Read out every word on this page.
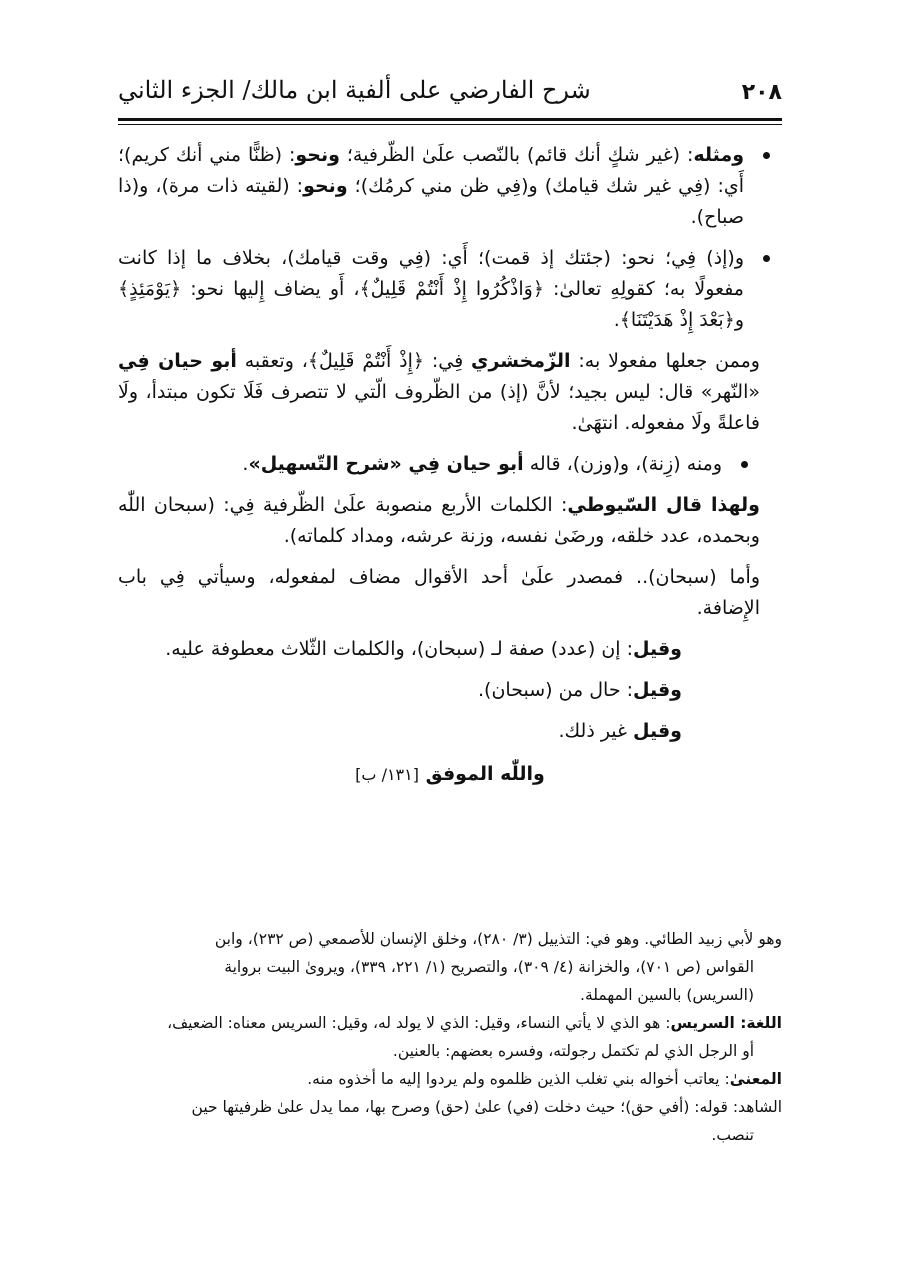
٢٠٨
شرح الفارضي على ألفية ابن مالك/ الجزء الثاني
ومثله: (غير شكٍ أنك قائم) بالنّصب علَىٰ الظّرفية؛ ونحو: (ظنًّا مني أنك كريم)؛ أَي: (فِي غير شك قيامك) و(فِي ظن مني كرمُك)؛ ونحو: (لقيته ذات مرة)، و(ذا صباح).
و(إذ) فِي؛ نحو: (جئتك إذ قمت)؛ أَي: (فِي وقت قيامك)، بخلاف ما إذا كانت مفعولًا به؛ كقولِهِ تعالىٰ: ﴿وَاذْكُرُوا إِذْ أَنْتُمْ قَلِيلٌ﴾، أَو يضاف إِليها نحو: ﴿يَوْمَئِذٍ﴾ و﴿بَعْدَ إِذْ هَدَيْتَنَا﴾.

وممن جعلها مفعولا به: الزّمخشري فِي: ﴿إِذْ أَنْتُمْ قَلِيلٌ﴾، وتعقبه أبو حيان فِي «النّهر» قال: ليس بجيد؛ لأنَّ (إذ) من الظّروف الّتي لا تتصرف فَلَا تكون مبتدأ، ولَا فاعلةً ولَا مفعوله. انتهَىٰ.

ومنه (زِنة)، و(وزن)، قاله أبو حيان فِي «شرح التّسهيل».

ولهذا قال السّيوطي: الكلمات الأربع منصوبة علَىٰ الظّرفية فِي: (سبحان اللّٰه وبحمده، عدد خلقه، ورضَىٰ نفسه، وزنة عرشه، ومداد كلماته).

وأما (سبحان).. فمصدر علَىٰ أحد الأقوال مضاف لمفعوله، وسيأتي فِي باب الإِضافة.

وقيل: إن (عدد) صفة لـ (سبحان)، والكلمات الثّلاث معطوفة عليه.

وقيل: حال من (سبحان).

وقيل غير ذلك.

واللّٰه الموفق [١٣١/ ب]

وهو لأبي زبيد الطائي. وهو في: التذييل (٣/ ٢٨٠)، وخلق الإنسان للأصمعي (ص ٢٣٢)، وابن

القواس (ص ٧٠١)، والخزانة (٤/ ٣٠٩)، والتصريح (١/ ٢٢١، ٣٣٩)، ويروىٰ البيت برواية

(السريس) بالسين المهملة.

اللغة: السريس: هو الذي لا يأتي النساء، وقيل: الذي لا يولد له، وقيل: السريس معناه: الضعيف،

أو الرجل الذي لم تكتمل رجولته، وفسره بعضهم: بالعنين.

المعنىٰ: يعاتب أخواله بني تغلب الذين ظلموه ولم يردوا إليه ما أخذوه منه.

الشاهد: قوله: (أفي حق)؛ حيث دخلت (في) علىٰ (حق) وصرح بها، مما يدل علىٰ ظرفيتها حين

تنصب.
